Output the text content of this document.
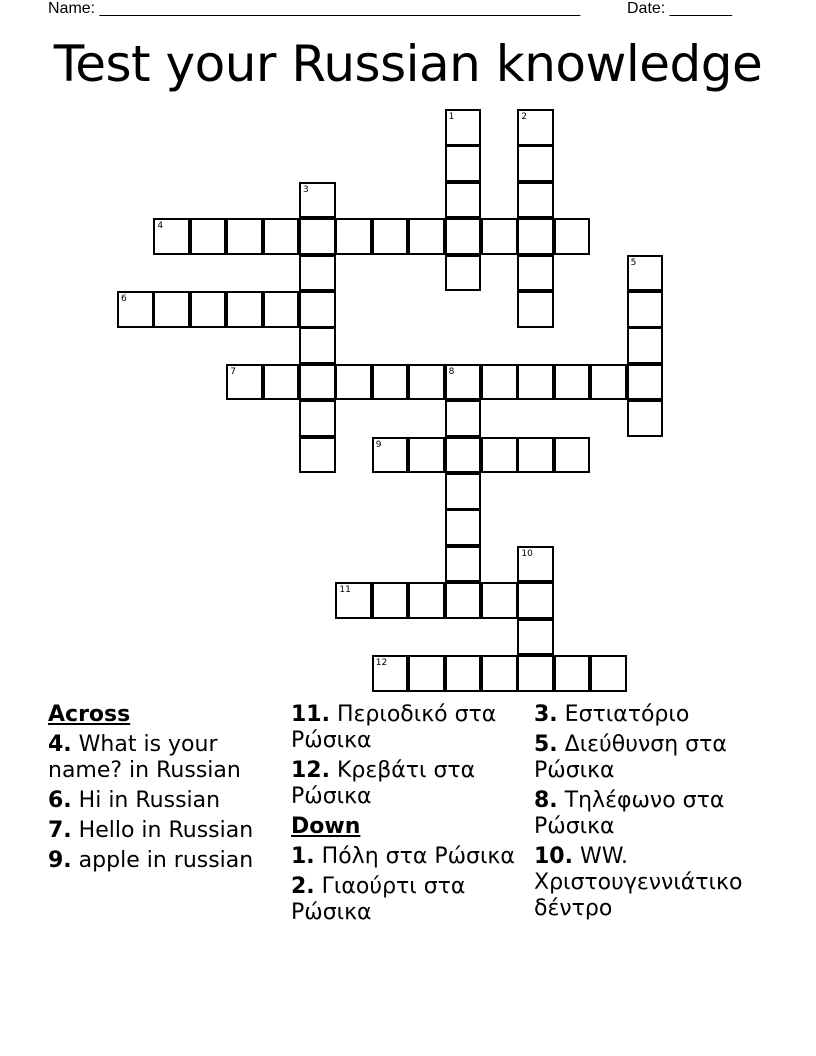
Name: ______________________________________________________	Date: _______
Test your Russian knowledge
1	2
3
4
5
6
7	8
9
10
11
12
Across
4. What is your name? in Russian
6. Hi in Russian
7. Hello in Russian
9. apple in russian
11. Περιοδικό στα Ρώσικα
12. Κρεβάτι στα Ρώσικα
Down
1. Πόλη στα Ρώσικα
2. Γιαούρτι στα Ρώσικα
3. Εστιατόριο
5. Διεύθυνση στα Ρώσικα
8. Τηλέφωνο στα Ρώσικα
10. WW. Χριστουγεννιάτικο δέντρο
